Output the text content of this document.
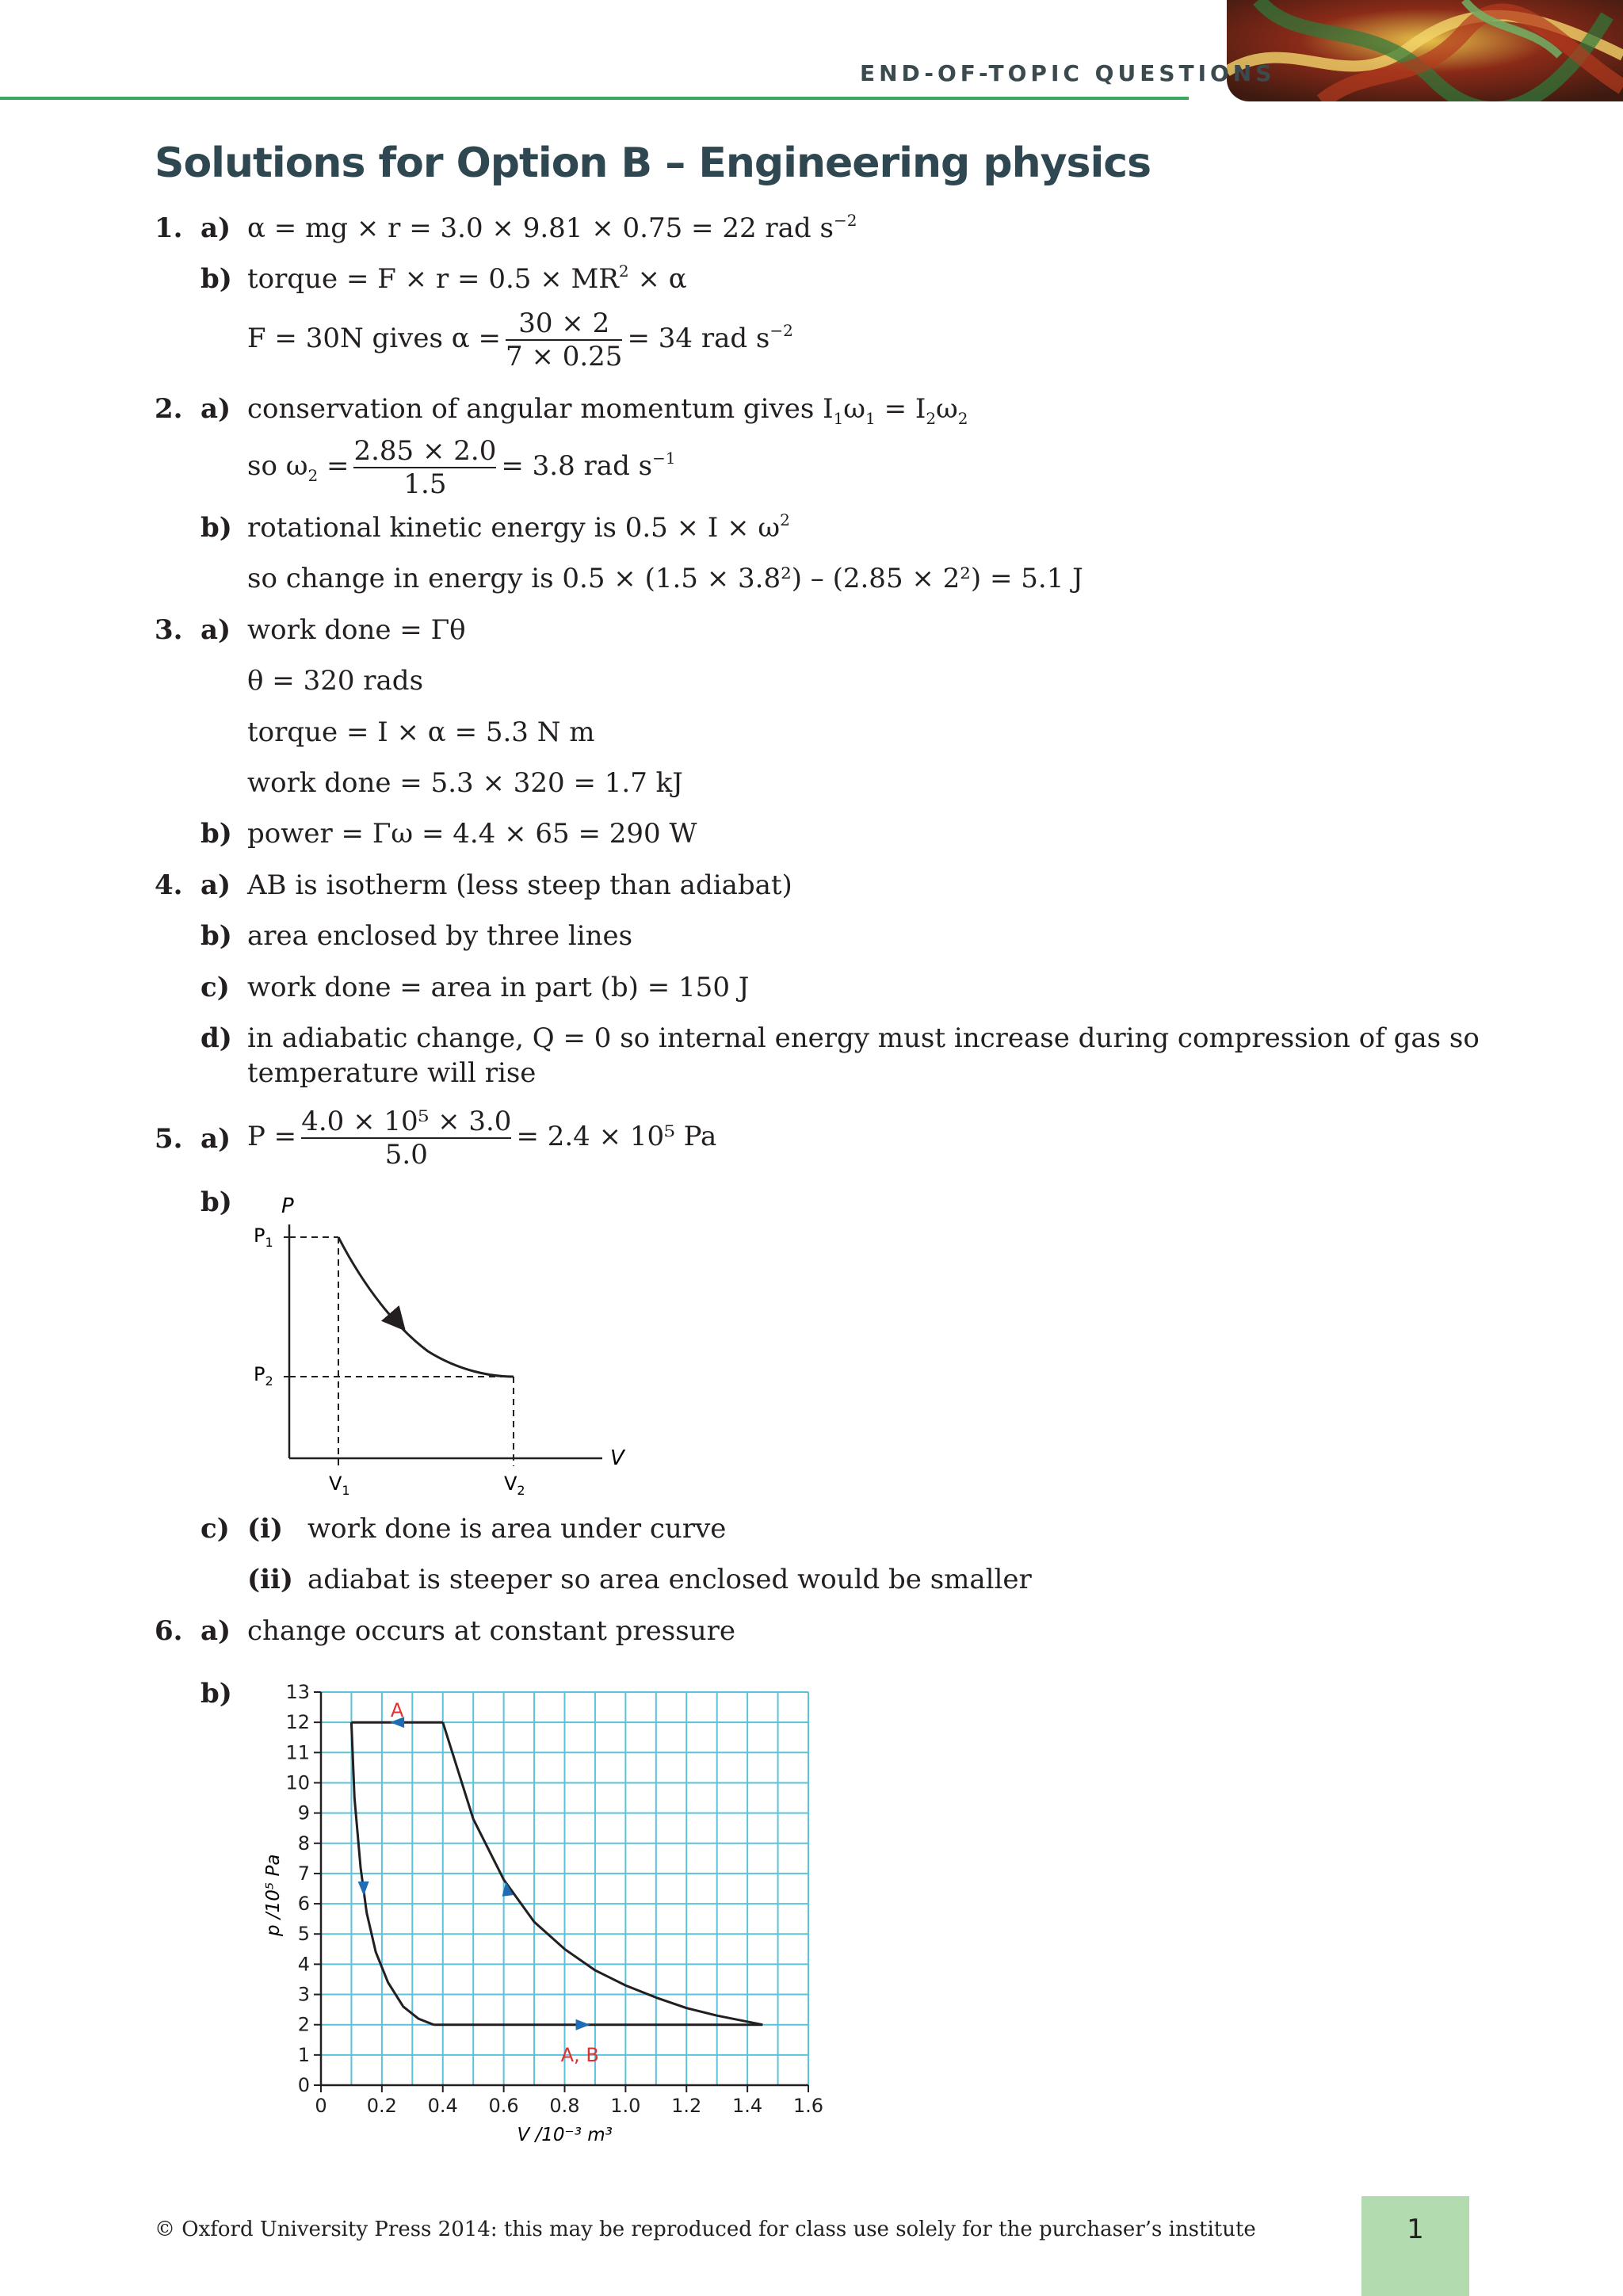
END-OF-TOPIC QUESTIONS
Solutions for Option B – Engineering physics
1. a) α = mg × r = 3.0 × 9.81 × 0.75 = 22 rad $s^{-2}$
b) torque = $F \times r = 0.5 \times MR^2 \times \alpha$
F = 30N gives $\alpha = \frac{30 \times 2}{7 \times 0.25} = 34$ rad $s^{-2}$
2. a) conservation of angular momentum gives $I_1\omega_1 = I_2\omega_2$
so $\omega_2 = \frac{2.85 \times 2.0}{1.5} = 3.8$ rad $s^{-1}$
b) rotational kinetic energy is $0.5 \times I \times \omega^2$
so change in energy is 0.5 × (1.5 × 3.8²) – (2.85 × 2²) = 5.1 J
3. a) work done = Γθ
θ = 320 rads
torque = I × α = 5.3 N m
work done = 5.3 × 320 = 1.7 kJ
b) power = Γω = 4.4 × 65 = 290 W
4. a) AB is isotherm (less steep than adiabat)
b) area enclosed by three lines
c) work done = area in part (b) = 150 J
d) in adiabatic change, Q = 0 so internal energy must increase during compression of gas so
temperature will rise
5. a) $P = \frac{\text{4.0 × 10⁵ × 3.0}}{5.0} = 2.4 \times 10^5$ Pa
b) P
V
$P_1$
$P_2$
$V_1$	$V_2$
c) (i) work done is area under curve
(ii) adiabat is steeper so area enclosed would be smaller
6. a) change occurs at constant pressure
b)
0 0.2 0.4 0.6 0.8 1.0 1.2 1.4 1.6
0
1
2
3
4
5
6
7
8
9
10
11
12
13
A
A, B
V /10⁻³ m³
p /10⁵ Pa
© Oxford University Press 2014: this may be reproduced for class use solely for the purchaser’s institute	1
